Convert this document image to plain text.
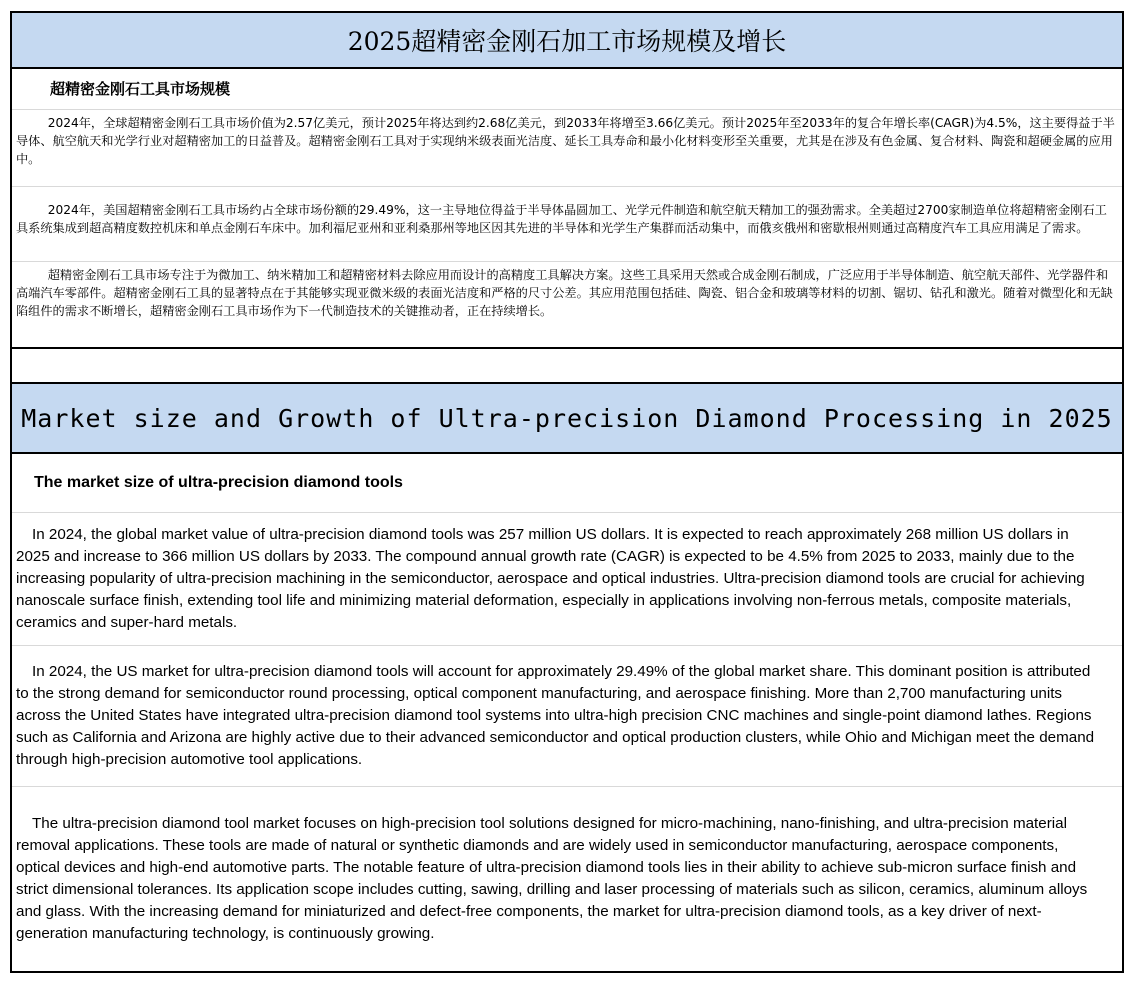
2025超精密金刚石加工市场规模及增长
超精密金刚石工具市场规模
2024年，全球超精密金刚石工具市场价值为2.57亿美元，预计2025年将达到约2.68亿美元，到2033年将增至3.66亿美元。预计2025年至2033年的复合年增长率(CAGR)为4.5%，这主要得益于半导体、航空航天和光学行业对超精密加工的日益普及。超精密金刚石工具对于实现纳米级表面光洁度、延长工具寿命和最小化材料变形至关重要，尤其是在涉及有色金属、复合材料、陶瓷和超硬金属的应用中。
2024年，美国超精密金刚石工具市场约占全球市场份额的29.49%，这一主导地位得益于半导体晶圆加工、光学元件制造和航空航天精加工的强劲需求。全美超过2700家制造单位将超精密金刚石工具系统集成到超高精度数控机床和单点金刚石车床中。加利福尼亚州和亚利桑那州等地区因其先进的半导体和光学生产集群而活动集中，而俄亥俄州和密歇根州则通过高精度汽车工具应用满足了需求。
超精密金刚石工具市场专注于为微加工、纳米精加工和超精密材料去除应用而设计的高精度工具解决方案。这些工具采用天然或合成金刚石制成，广泛应用于半导体制造、航空航天部件、光学器件和高端汽车零部件。超精密金刚石工具的显著特点在于其能够实现亚微米级的表面光洁度和严格的尺寸公差。其应用范围包括硅、陶瓷、铝合金和玻璃等材料的切割、锯切、钻孔和激光。随着对微型化和无缺陷组件的需求不断增长，超精密金刚石工具市场作为下一代制造技术的关键推动者，正在持续增长。
Market size and Growth of Ultra-precision Diamond Processing in 2025
The market size of ultra-precision diamond tools
In 2024, the global market value of ultra-precision diamond tools was 257 million US dollars. It is expected to reach approximately 268 million US dollars in 2025 and increase to 366 million US dollars by 2033. The compound annual growth rate (CAGR) is expected to be 4.5% from 2025 to 2033, mainly due to the increasing popularity of ultra-precision machining in the semiconductor, aerospace and optical industries. Ultra-precision diamond tools are crucial for achieving nanoscale surface finish, extending tool life and minimizing material deformation, especially in applications involving non-ferrous metals, composite materials, ceramics and super-hard metals.
In 2024, the US market for ultra-precision diamond tools will account for approximately 29.49% of the global market share. This dominant position is attributed to the strong demand for semiconductor round processing, optical component manufacturing, and aerospace finishing. More than 2,700 manufacturing units across the United States have integrated ultra-precision diamond tool systems into ultra-high precision CNC machines and single-point diamond lathes. Regions such as California and Arizona are highly active due to their advanced semiconductor and optical production clusters, while Ohio and Michigan meet the demand through high-precision automotive tool applications.
The ultra-precision diamond tool market focuses on high-precision tool solutions designed for micro-machining, nano-finishing, and ultra-precision material removal applications. These tools are made of natural or synthetic diamonds and are widely used in semiconductor manufacturing, aerospace components, optical devices and high-end automotive parts. The notable feature of ultra-precision diamond tools lies in their ability to achieve sub-micron surface finish and strict dimensional tolerances. Its application scope includes cutting, sawing, drilling and laser processing of materials such as silicon, ceramics, aluminum alloys and glass. With the increasing demand for miniaturized and defect-free components, the market for ultra-precision diamond tools, as a key driver of next-generation manufacturing technology, is continuously growing.
